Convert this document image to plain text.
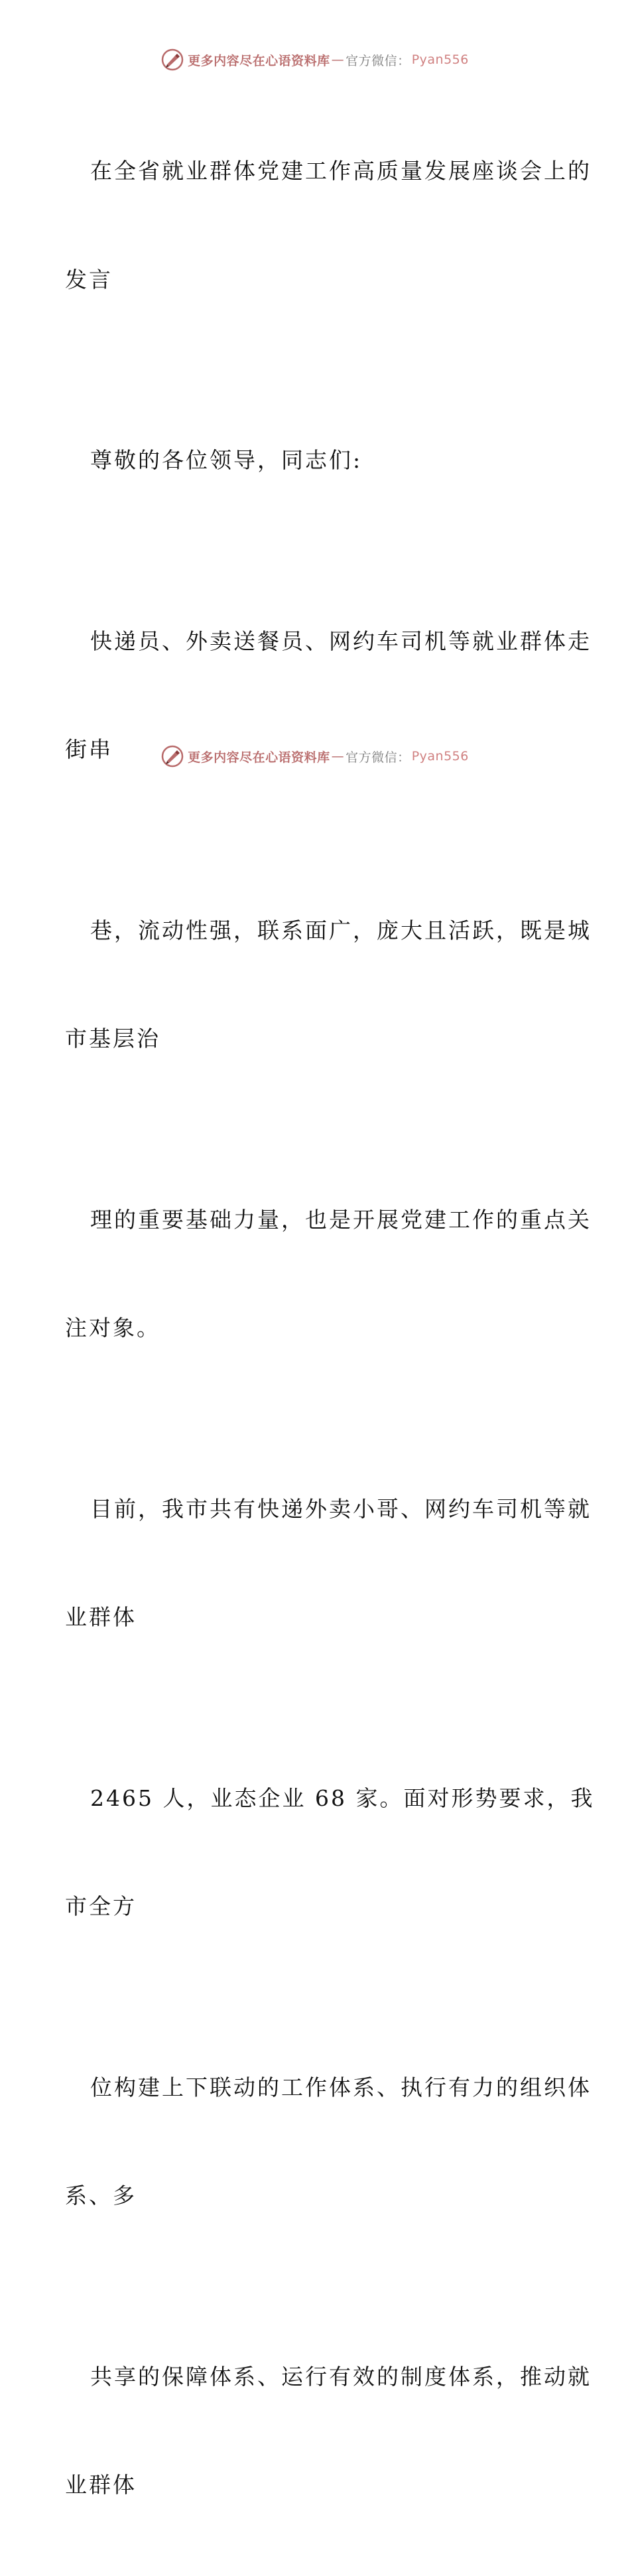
更多内容尽在心语资料库 — 官方微信： Pyan556

在全省就业群体党建工作高质量发展座谈会上的

发言

尊敬的各位领导，同志们:

快递员、外卖送餐员、网约车司机等就业群体走

街串

巷，流动性强，联系面广，庞大且活跃，既是城

市基层治

理的重要基础力量，也是开展党建工作的重点关

注对象。

目前，我市共有快递外卖小哥、网约车司机等就

业群体

2465 人，业态企业 68 家。面对形势要求，我

市全方

位构建上下联动的工作体系、执行有力的组织体

系、多

共享的保障体系、运行有效的制度体系，推动就

业群体

更多内容尽在心语资料库 — 官方微信： Pyan556
